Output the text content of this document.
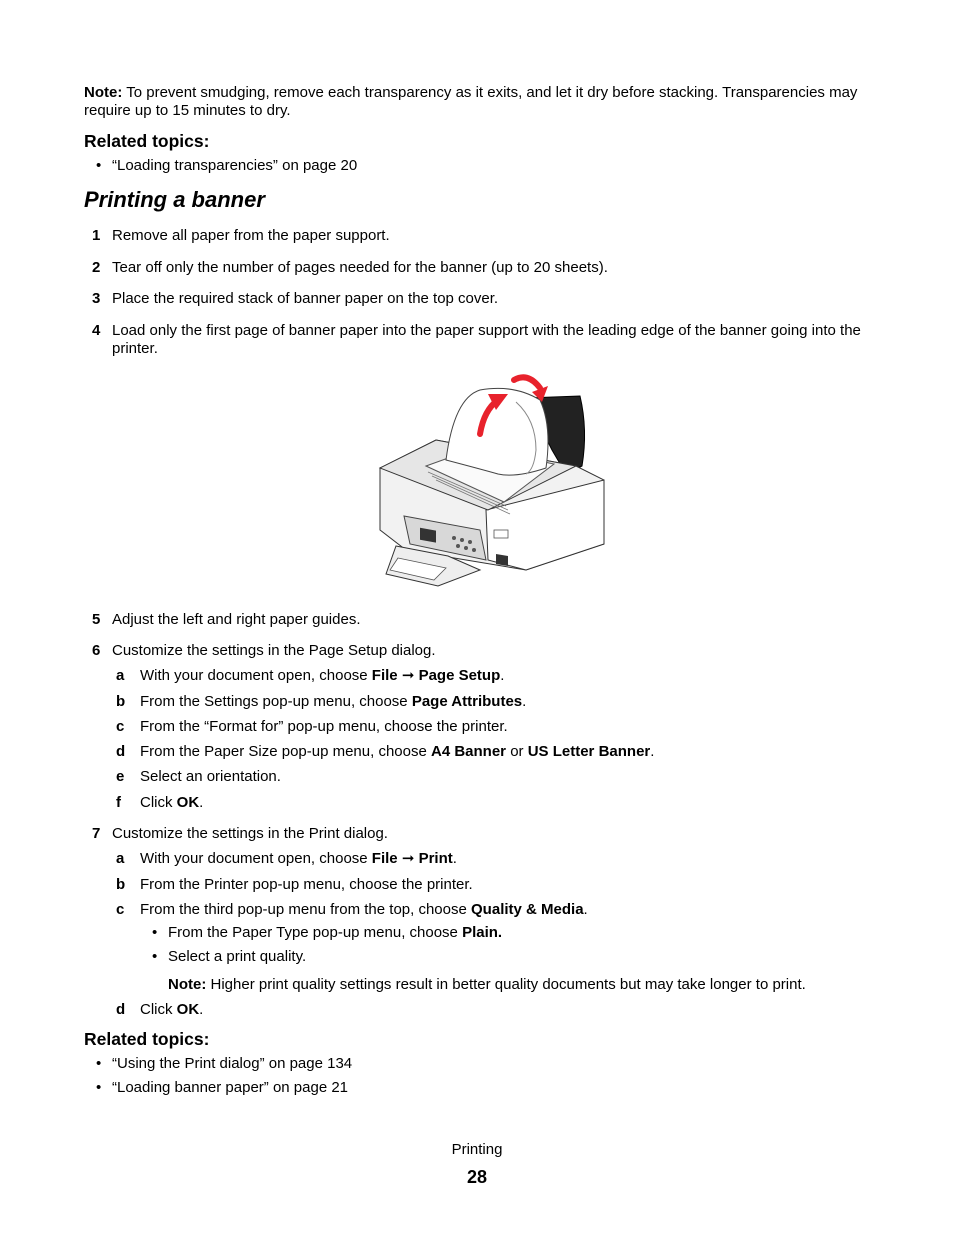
Note: To prevent smudging, remove each transparency as it exits, and let it dry before stacking. Transparencies may require up to 15 minutes to dry.
Related topics:
• “Loading transparencies” on page 20
Printing a banner
1 Remove all paper from the paper support.
2 Tear off only the number of pages needed for the banner (up to 20 sheets).
3 Place the required stack of banner paper on the top cover.
4 Load only the first page of banner paper into the paper support with the leading edge of the banner going into the printer.
5 Adjust the left and right paper guides.
6 Customize the settings in the Page Setup dialog.
a With your document open, choose File ➞ Page Setup.
b From the Settings pop-up menu, choose Page Attributes.
c From the “Format for” pop-up menu, choose the printer.
d From the Paper Size pop-up menu, choose A4 Banner or US Letter Banner.
e Select an orientation.
f Click OK.
7 Customize the settings in the Print dialog.
a With your document open, choose File ➞ Print.
b From the Printer pop-up menu, choose the printer.
c From the third pop-up menu from the top, choose Quality & Media.
• From the Paper Type pop-up menu, choose Plain.
• Select a print quality.
Note: Higher print quality settings result in better quality documents but may take longer to print.
d Click OK.
Related topics:
• “Using the Print dialog” on page 134
• “Loading banner paper” on page 21
Printing
28
